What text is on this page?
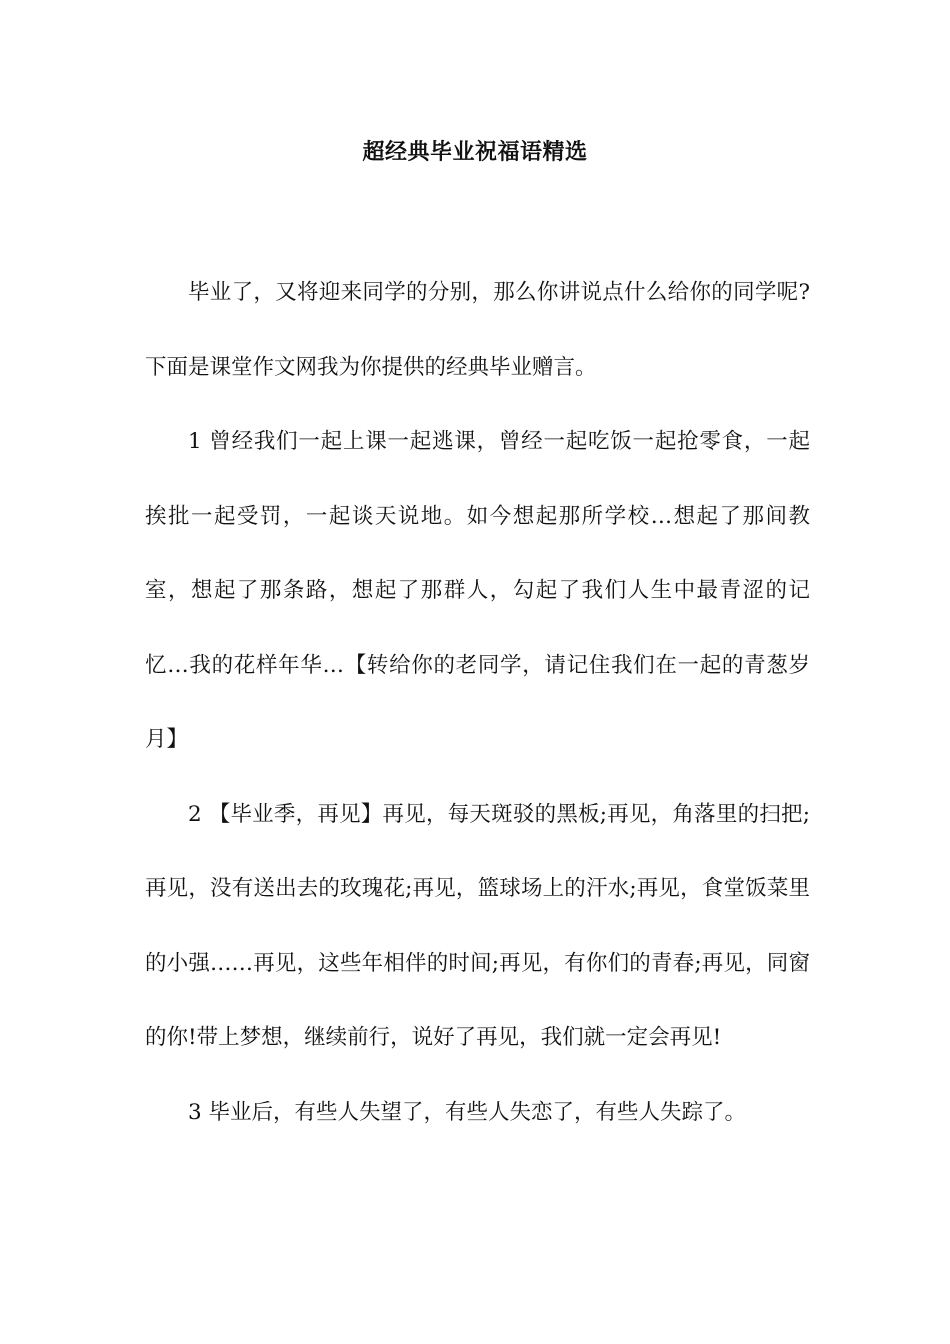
超经典毕业祝福语精选

毕业了，又将迎来同学的分别，那么你讲说点什么给你的同学呢?下面是课堂作文网我为你提供的经典毕业赠言。

1 曾经我们一起上课一起逃课，曾经一起吃饭一起抢零食，一起挨批一起受罚，一起谈天说地。如今想起那所学校…想起了那间教室，想起了那条路，想起了那群人，勾起了我们人生中最青涩的记忆…我的花样年华…【转给你的老同学，请记住我们在一起的青葱岁月】

2 【毕业季，再见】再见，每天斑驳的黑板;再见，角落里的扫把;再见，没有送出去的玫瑰花;再见，篮球场上的汗水;再见，食堂饭菜里的小强……再见，这些年相伴的时间;再见，有你们的青春;再见，同窗的你!带上梦想，继续前行，说好了再见，我们就一定会再见!

3 毕业后，有些人失望了，有些人失恋了，有些人失踪了。
